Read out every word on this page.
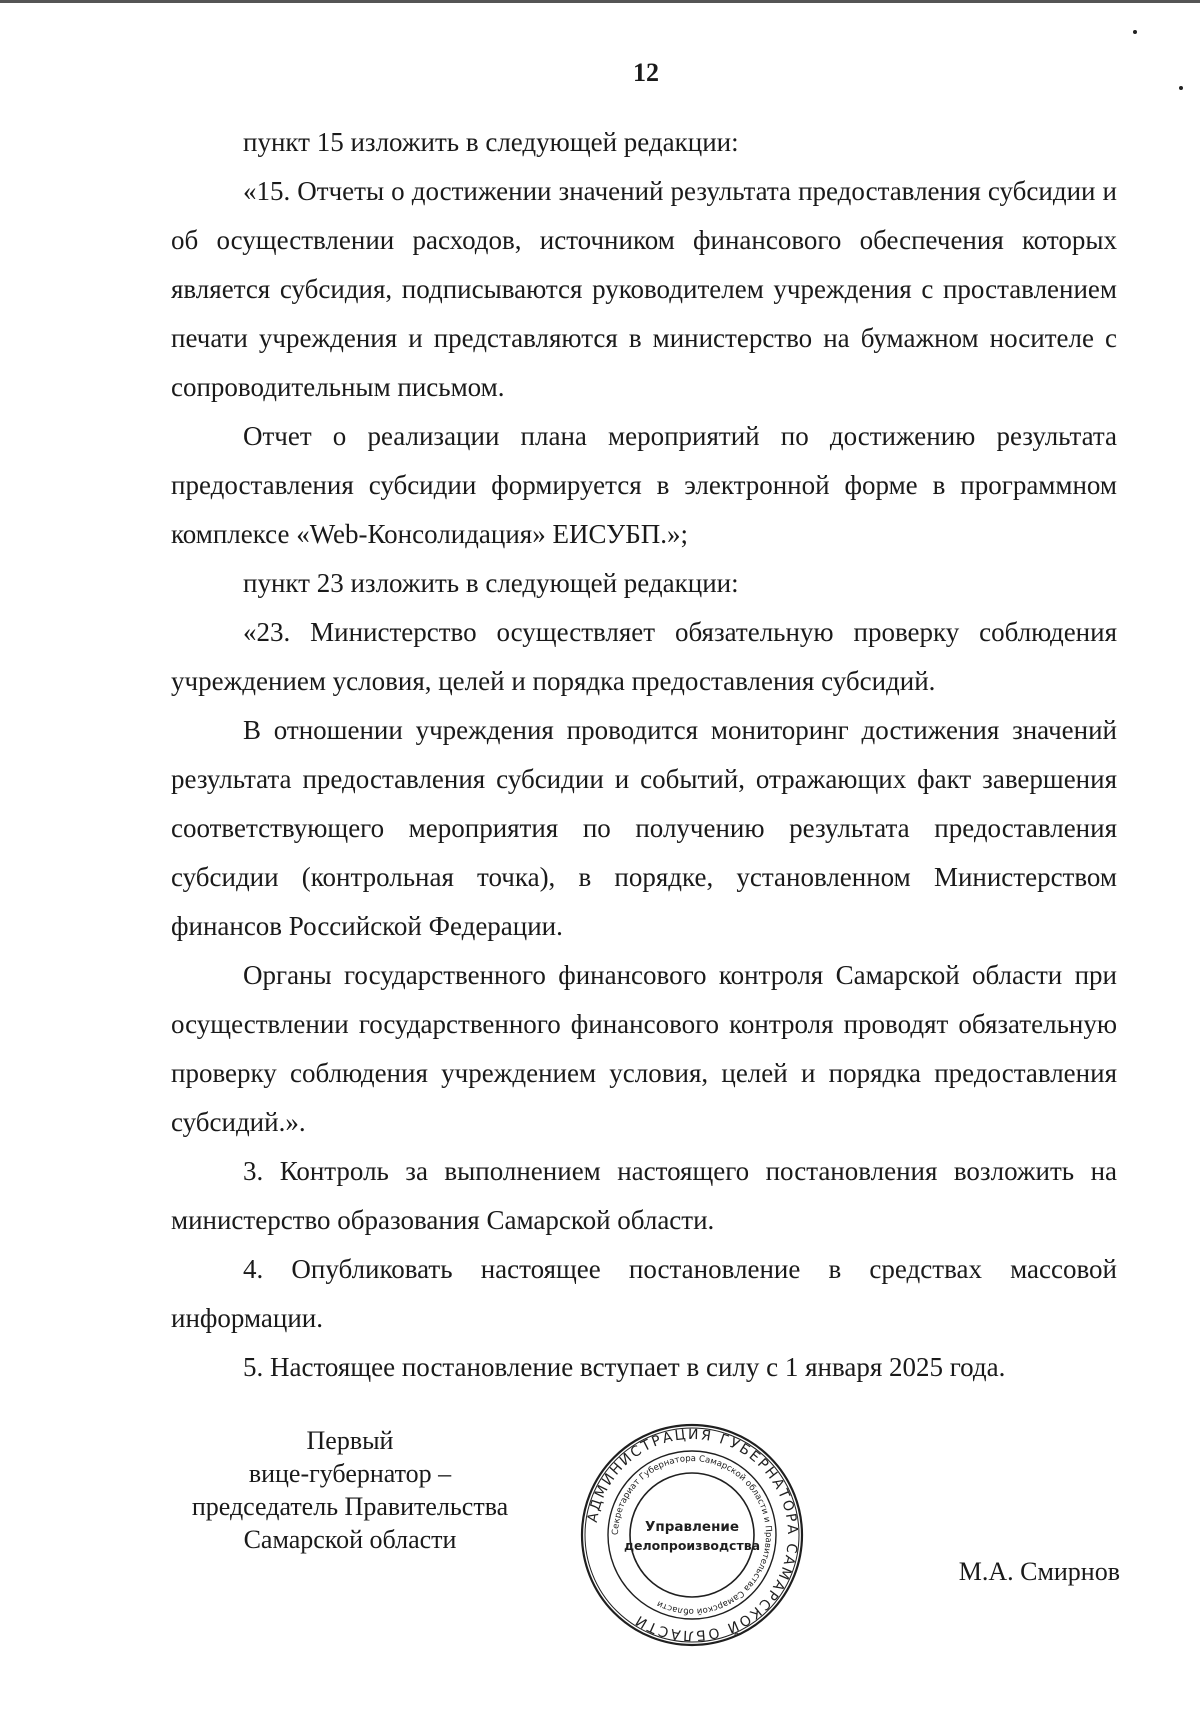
12

пункт 15 изложить в следующей редакции:

«15. Отчеты о достижении значений результата предоставления субсидии и об осуществлении расходов, источником финансового обеспечения которых является субсидия, подписываются руководителем учреждения с проставлением печати учреждения и представляются в министерство на бумажном носителе с сопроводительным письмом.

Отчет о реализации плана мероприятий по достижению результата предоставления субсидии формируется в электронной форме в программном комплексе «Web-Консолидация» ЕИСУБП.»;

пункт 23 изложить в следующей редакции:

«23. Министерство осуществляет обязательную проверку соблюдения учреждением условия, целей и порядка предоставления субсидий.

В отношении учреждения проводится мониторинг достижения значений результата предоставления субсидии и событий, отражающих факт завершения соответствующего мероприятия по получению результата предоставления субсидии (контрольная точка), в порядке, установленном Министерством финансов Российской Федерации.

Органы государственного финансового контроля Самарской области при осуществлении государственного финансового контроля проводят обязательную проверку соблюдения учреждением условия, целей и порядка предоставления субсидий.».

3. Контроль за выполнением настоящего постановления возложить на министерство образования Самарской области.

4. Опубликовать настоящее постановление в средствах массовой информации.

5. Настоящее постановление вступает в силу с 1 января 2025 года.

Первый
вице-губернатор –
председатель Правительства
Самарской области
АДМИНИСТРАЦИЯ ГУБЕРНАТОРА САМАРСКОЙ ОБЛАСТИ
Секретариат Губернатора Самарской области и Правительства Самарской области
Управление
делопроизводства
М.А. Смирнов
